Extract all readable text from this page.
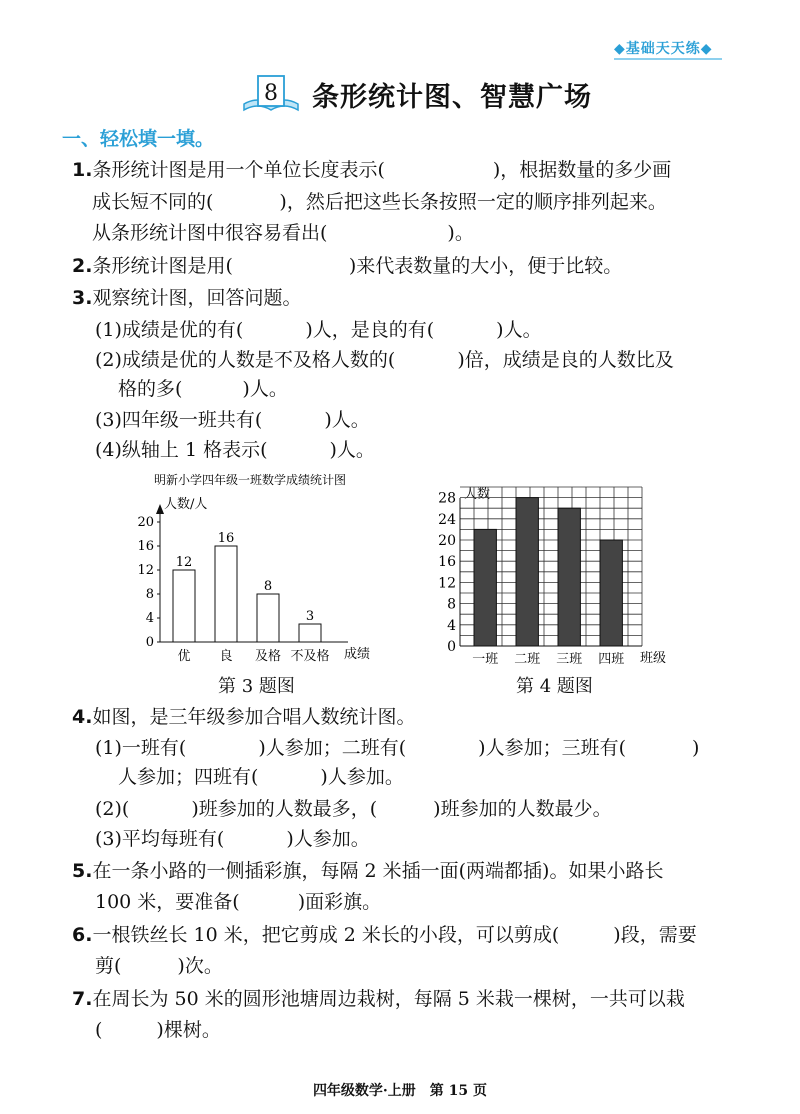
◆基础天天练◆
8 条形统计图、智慧广场
一、轻松填一填。
1.条形统计图是用一个单位长度表示(	)，根据数量的多少画
成长短不同的(	)，然后把这些长条按照一定的顺序排列起来。
从条形统计图中很容易看出(	)。
2.条形统计图是用(	)来代表数量的大小，便于比较。
3.观察统计图，回答问题。
(1)成绩是优的有(	)人，是良的有(	)人。
(2)成绩是优的人数是不及格人数的(	)倍，成绩是良的人数比及
格的多(	)人。
(3)四年级一班共有(	)人。
(4)纵轴上 1 格表示(	)人。
明新小学四年级一班数学成绩统计图
人数/人
0
4
8
12
16
20
12
优
16
良
8
及格
3
不及格 成绩
第 3 题图
人数
0
4
8
12
16
20
24
28
一班 二班 三班 四班 班级
第 4 题图
4.如图，是三年级参加合唱人数统计图。
(1)一班有(	)人参加；二班有(	)人参加；三班有(	)
人参加；四班有(	)人参加。
(2)(	)班参加的人数最多，(	)班参加的人数最少。
(3)平均每班有(	)人参加。
5.在一条小路的一侧插彩旗，每隔 2 米插一面(两端都插)。如果小路长
100 米，要准备(	)面彩旗。
6.一根铁丝长 10 米，把它剪成 2 米长的小段，可以剪成(	)段，需要
剪(	)次。
7.在周长为 50 米的圆形池塘周边栽树，每隔 5 米栽一棵树，一共可以栽
(	)棵树。
四年级数学·上册　第 15 页
